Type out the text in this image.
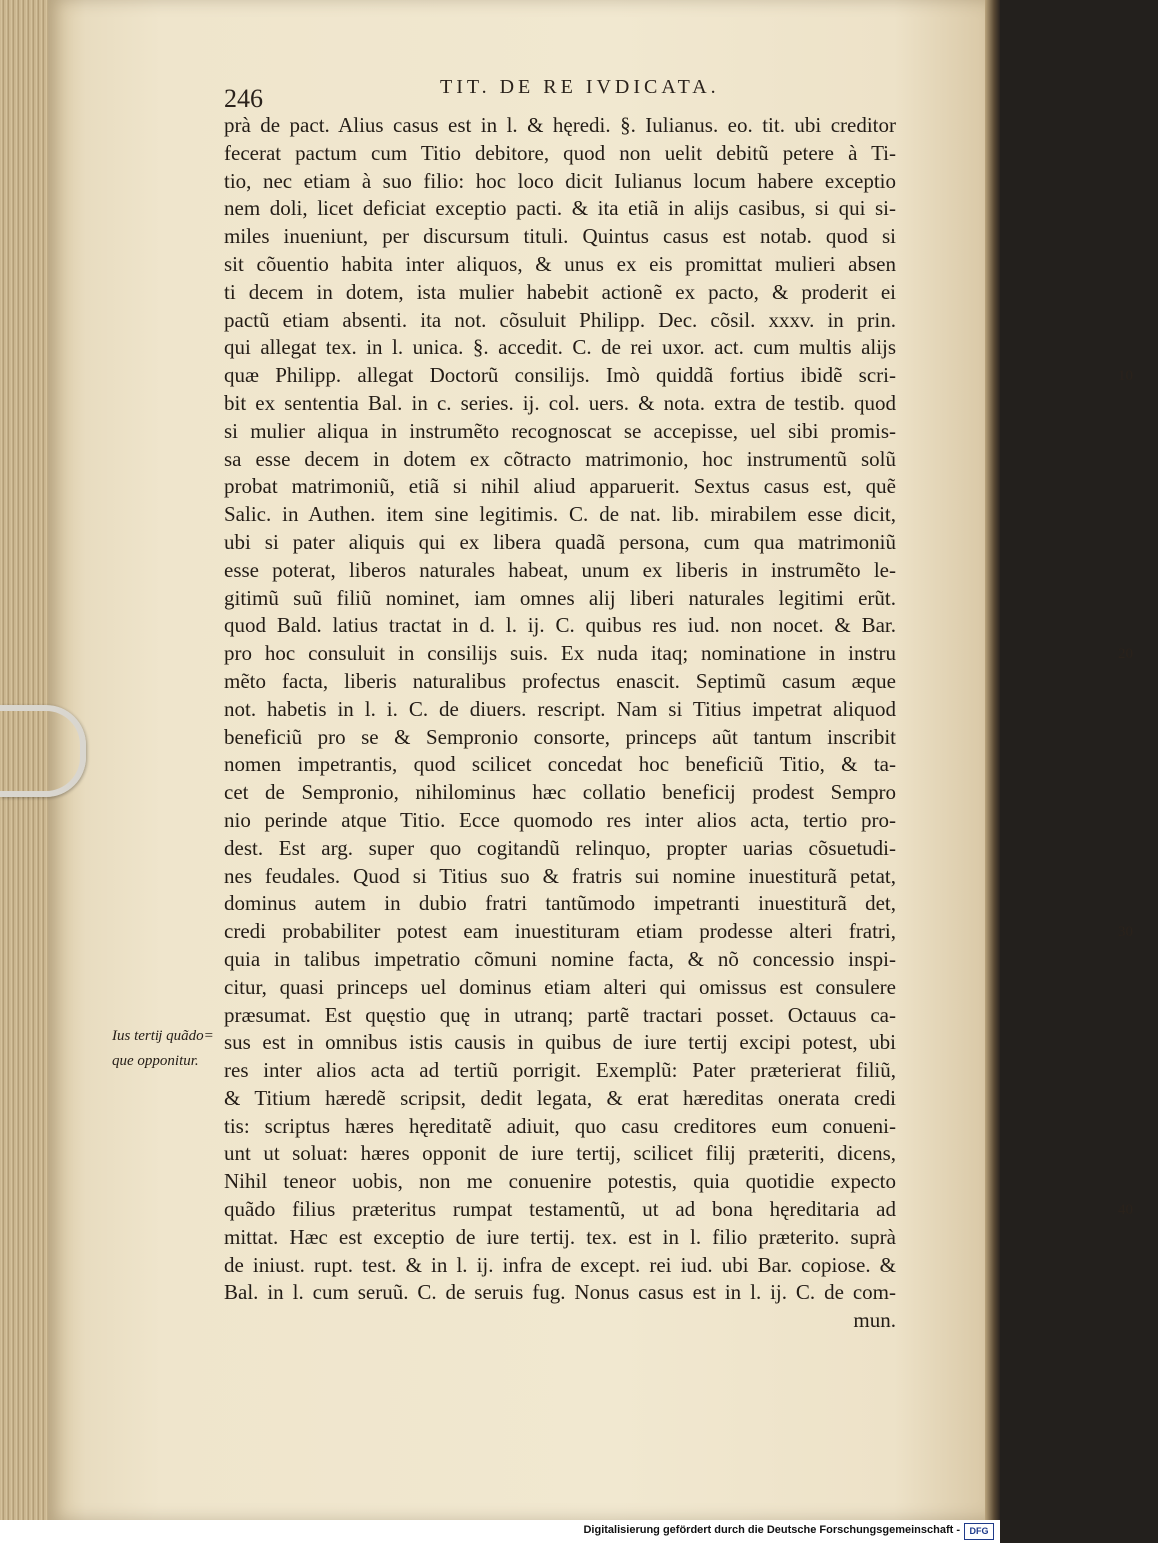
246	TIT. DE RE IVDICATA.
prà de pact. Alius casus est in l. & hęredi. §. Iulianus. eo. tit. ubi creditor
fecerat pactum cum Titio debitore, quod non uelit debitũ petere à Ti-
tio, nec etiam à suo filio: hoc loco dicit Iulianus locum habere exceptio
nem doli, licet deficiat exceptio pacti. & ita etiã in alĳs casibus, si qui si-
miles inueniunt, per discursum tituli. Quintus casus est notab. quod si
sit cõuentio habita inter aliquos, & unus ex eis promittat mulieri absen
ti decem in dotem, ista mulier habebit actionẽ ex pacto, & proderit ei
pactũ etiam absenti. ita not. cõsuluit Philipp. Dec. cõsil. xxxv. in prin.
qui allegat tex. in l. unica. §. accedit. C. de rei uxor. act. cum multis alĳs
quæ Philipp. allegat Doctorũ consilĳs. Imò quiddã fortius ibidẽ scri-
bit ex sententia Bal. in c. series. ĳ. col. uers. & nota. extra de testib. quod
si mulier aliqua in instrumẽto recognoscat se accepisse, uel sibi promis-
sa esse decem in dotem ex cõtracto matrimonio, hoc instrumentũ solũ
probat matrimoniũ, etiã si nihil aliud apparuerit. Sextus casus est, quẽ
Salic. in Authen. item sine legitimis. C. de nat. lib. mirabilem esse dicit,
ubi si pater aliquis qui ex libera quadã persona, cum qua matrimoniũ
esse poterat, liberos naturales habeat, unum ex liberis in instrumẽto le-
gitimũ suũ filiũ nominet, iam omnes alĳ liberi naturales legitimi erũt.
quod Bald. latius tractat in d. l. ĳ. C. quibus res iud. non nocet. & Bar.
pro hoc consuluit in consilĳs suis. Ex nuda itaq; nominatione in instru
mẽto facta, liberis naturalibus profectus enascit. Septimũ casum æque
not. habetis in l. i. C. de diuers. rescript. Nam si Titius impetrat aliquod
beneficiũ pro se & Sempronio consorte, princeps aũt tantum inscribit
nomen impetrantis, quod scilicet concedat hoc beneficiũ Titio, & ta-
cet de Sempronio, nihilominus hæc collatio beneficĳ prodest Sempro
nio perinde atque Titio. Ecce quomodo res inter alios acta, tertio pro-
dest. Est arg. super quo cogitandũ relinquo, propter uarias cõsuetudi-
nes feudales. Quod si Titius suo & fratris sui nomine inuestiturã petat,
dominus autem in dubio fratri tantũmodo impetranti inuestiturã det,
credi probabiliter potest eam inuestituram etiam prodesse alteri fratri,
quia in talibus impetratio cõmuni nomine facta, & nõ concessio inspi-
citur, quasi princeps uel dominus etiam alteri qui omissus est consulere
præsumat. Est quęstio quę in utranq; partẽ tractari posset. Octauus ca-
sus est in omnibus istis causis in quibus de iure tertĳ excipi potest, ubi
res inter alios acta ad tertiũ porrigit. Exemplũ: Pater præterierat filiũ,
& Titium hæredẽ scripsit, dedit legata, & erat hæreditas onerata credi
tis: scriptus hæres hęreditatẽ adiuit, quo casu creditores eum conueni-
unt ut soluat: hæres opponit de iure tertĳ, scilicet filĳ præteriti, dicens,
Nihil teneor uobis, non me conuenire potestis, quia quotidie expecto
quãdo filius præteritus rumpat testamentũ, ut ad bona hęreditaria ad
mittat. Hæc est exceptio de iure tertĳ. tex. est in l. filio præterito. suprà
de iniust. rupt. test. & in l. ĳ. infra de except. rei iud. ubi Bar. copiose. &
Bal. in l. cum seruũ. C. de seruis fug. Nonus casus est in l. ĳ. C. de com-
mun.
10
20
30
40
Ius tertĳ quãdo= que opponitur.
Digitalisierung gefördert durch die Deutsche Forschungsgemeinschaft -	DFG
